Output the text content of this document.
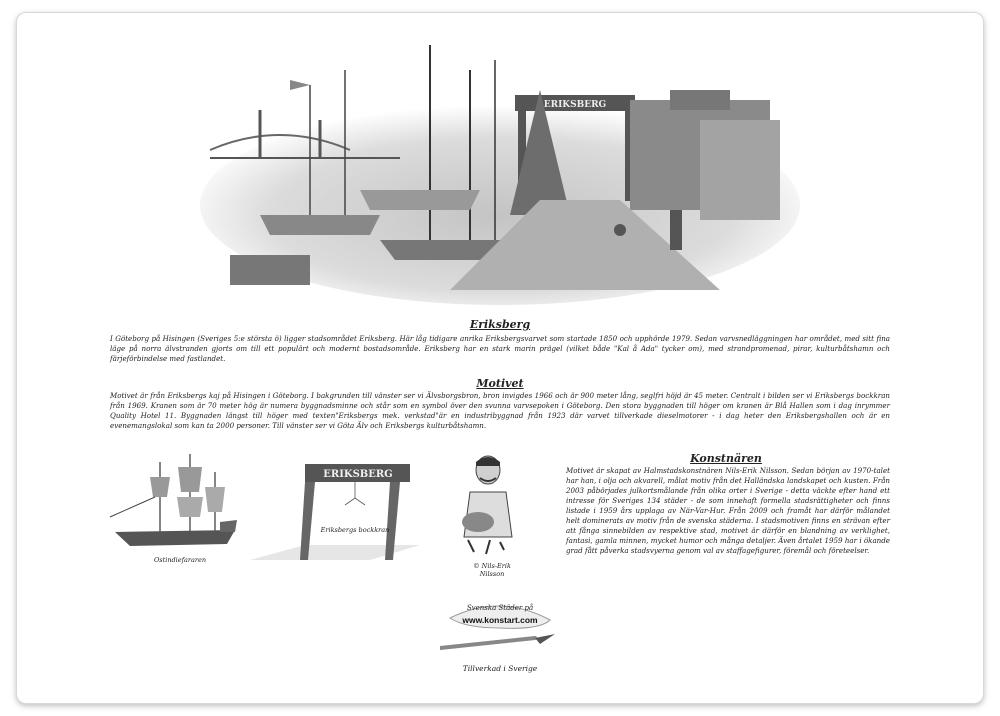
ERIKSBERG
Eriksberg
I Göteborg på Hisingen (Sveriges 5:e största ö) ligger stadsområdet Eriksberg. Här låg tidigare anrika Eriksbergsvarvet som startade 1850 och upphörde 1979. Sedan varvsnedläggningen har området, med sitt fina läge på norra älvstranden gjorts om till ett populärt och modernt bostadsområde. Eriksberg har en stark marin prägel (vilket både "Kal å Ada" tycker om), med strandpromenad, pirar, kulturbåtshamn och färjeförbindelse med fastlandet.
Motivet
Motivet är från Eriksbergs kaj på Hisingen i Göteborg. I bakgrunden till vänster ser vi Älvsborgsbron, bron invigdes 1966 och är 900 meter lång, seglfri höjd är 45 meter. Centralt i bilden ser vi Eriksbergs bockkran från 1969. Kranen som är 70 meter hög är numera byggnadsminne och står som en symbol över den svunna varvsepoken i Göteborg. Den stora byggnaden till höger om kranen är Blå Hallen som i dag inrymmer Quality Hotel 11. Byggnaden längst till höger med texten"Eriksbergs mek. verkstad"är en industribyggnad från 1923 där varvet tillverkade dieselmotorer - i dag heter den Eriksbergshallen och är en evenemangslokal som kan ta 2000 personer. Till vänster ser vi Göta Älv och Eriksbergs kulturbåtshamn.
Konstnären
Motivet är skapat av Halmstadskonstnären Nils-Erik Nilsson. Sedan början av 1970-talet har han, i olja och akvarell, målat motiv från det Halländska landskapet och kusten. Från 2003 påbörjades julkortsmålande från olika orter i Sverige - detta väckte efter hand ett intresse för Sveriges 134 städer - de som innehaft formella stadsrättigheter och finns listade i 1959 års upplaga av När-Var-Hur. Från 2009 och framåt har därför målandet helt dominerats av motiv från de svenska städerna. I stadsmotiven finns en strävan efter att fånga sinnebilden av respektive stad, motivet är därför en blandning av verklighet, fantasi, gamla minnen, mycket humor och många detaljer. Även årtalet 1959 har i ökande grad fått påverka stadsvyerna genom val av staffagefigurer, föremål och företeelser.
Ostindiefararen
ERIKSBERG
Eriksbergs bockkran
© Nils-Erik
Nilsson
Svenska Städer på
www.konstart.com
Tillverkad i Sverige
